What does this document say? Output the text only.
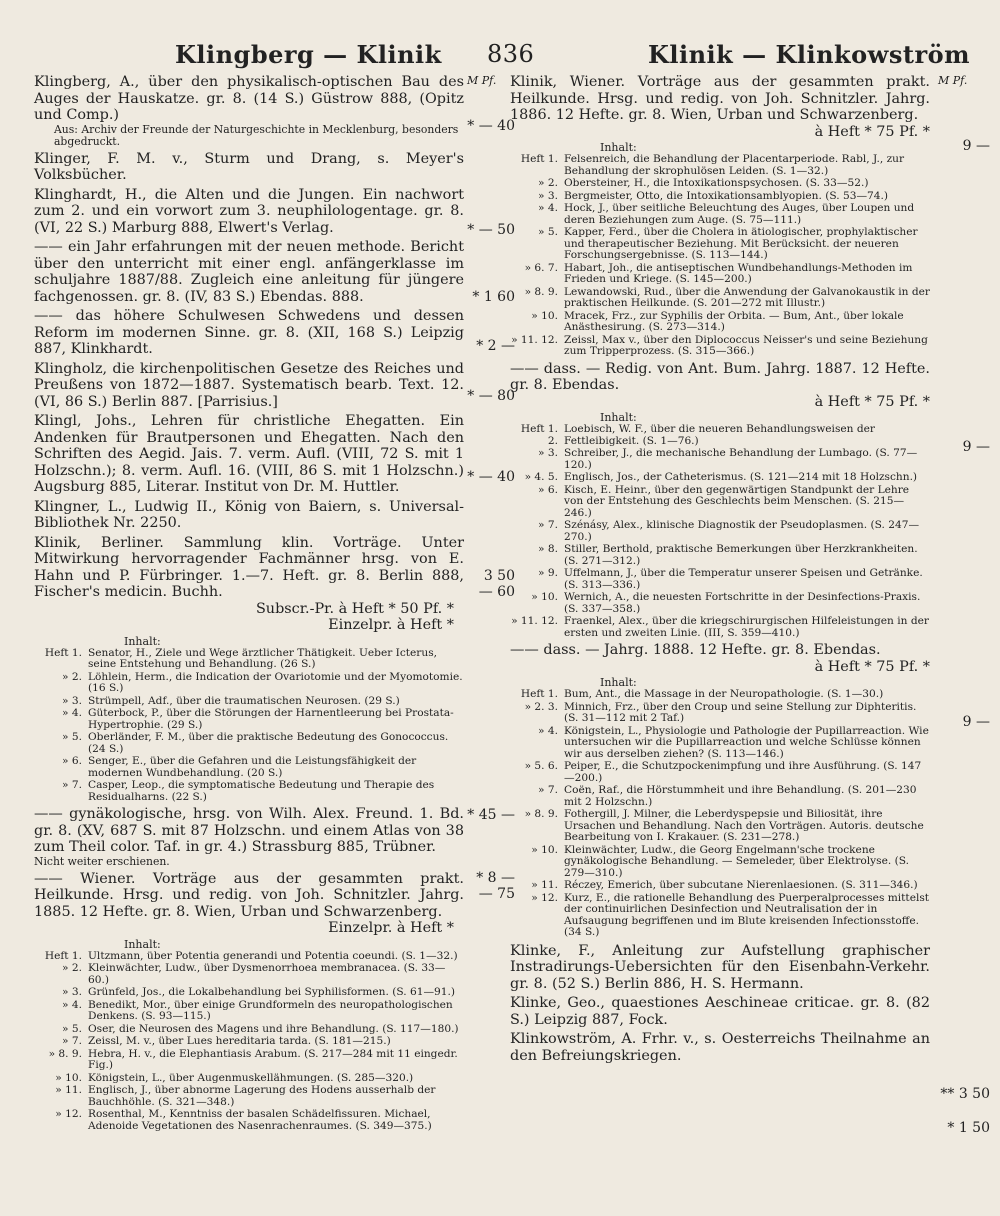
Klingberg — Klinik 836	Klinik — Klinkowström

Klingberg, A., über den physikalisch-optischen Bau des Auges der Hauskatze. gr. 8. (14 S.) Güstrow 888, (Opitz und Comp.)

Aus: Archiv der Freunde der Naturgeschichte in Mecklenburg, besonders abgedruckt.

Klinger, F. M. v., Sturm und Drang, s. Meyer's Volksbücher.

Klinghardt, H., die Alten und die Jungen. Ein nachwort zum 2. und ein vorwort zum 3. neuphilologentage. gr. 8. (VI, 22 S.) Marburg 888, Elwert's Verlag.

—— ein Jahr erfahrungen mit der neuen methode. Bericht über den unterricht mit einer engl. anfängerklasse im schuljahre 1887/88. Zugleich eine anleitung für jüngere fachgenossen. gr. 8. (IV, 83 S.) Ebendas. 888.

—— das höhere Schulwesen Schwedens und dessen Reform im modernen Sinne. gr. 8. (XII, 168 S.) Leipzig 887, Klinkhardt.

Klingholz, die kirchenpolitischen Gesetze des Reiches und Preußens von 1872—1887. Systematisch bearb. Text. 12. (VI, 86 S.) Berlin 887. [Parrisius.]

Klingl, Johs., Lehren für christliche Ehegatten. Ein Andenken für Brautpersonen und Ehegatten. Nach den Schriften des Aegid. Jais. 7. verm. Aufl. (VIII, 72 S. mit 1 Holzschn.); 8. verm. Aufl. 16. (VIII, 86 S. mit 1 Holzschn.) Augsburg 885, Literar. Institut von Dr. M. Huttler.

Klingner, L., Ludwig II., König von Baiern, s. Universal-Bibliothek Nr. 2250.

Klinik, Berliner. Sammlung klin. Vorträge. Unter Mitwirkung hervorragender Fachmänner hrsg. von E. Hahn und P. Fürbringer. 1.—7. Heft. gr. 8. Berlin 888, Fischer's medicin. Buchh.

Subscr.-Pr. à Heft * 50 Pf. *
Einzelpr. à Heft *
Inhalt:
Heft 1. Senator, H., Ziele und Wege ärztlicher Thätigkeit. Ueber Icterus, seine Entstehung und Behandlung. (26 S.)
» 2. Löhlein, Herm., die Indication der Ovariotomie und der Myomotomie. (16 S.)
» 3. Strümpell, Adf., über die traumatischen Neurosen. (29 S.)
» 4. Güterbock, P., über die Störungen der Harnentleerung bei Prostata-Hypertrophie. (29 S.)
» 5. Oberländer, F. M., über die praktische Bedeutung des Gonococcus. (24 S.)
» 6. Senger, E., über die Gefahren und die Leistungsfähigkeit der modernen Wundbehandlung. (20 S.)
» 7. Casper, Leop., die symptomatische Bedeutung und Therapie des Residualharns. (22 S.)

—— gynäkologische, hrsg. von Wilh. Alex. Freund. 1. Bd. gr. 8. (XV, 687 S. mit 87 Holzschn. und einem Atlas von 38 zum Theil color. Taf. in gr. 4.) Strassburg 885, Trübner.

Nicht weiter erschienen.

—— Wiener. Vorträge aus der gesammten prakt. Heilkunde. Hrsg. und redig. von Joh. Schnitzler. Jahrg. 1885. 12 Hefte. gr. 8. Wien, Urban und Schwarzenberg.

Einzelpr. à Heft *
Inhalt:
Heft 1. Ultzmann, über Potentia generandi und Potentia coeundi. (S. 1—32.)
» 2. Kleinwächter, Ludw., über Dysmenorrhoea membranacea. (S. 33—60.)
» 3. Grünfeld, Jos., die Lokalbehandlung bei Syphilisformen. (S. 61—91.)
» 4. Benedikt, Mor., über einige Grundformeln des neuropathologischen Denkens. (S. 93—115.)
» 5. Oser, die Neurosen des Magens und ihre Behandlung. (S. 117—180.)
» 7. Zeissl, M. v., über Lues hereditaria tarda. (S. 181—215.)
» 8. 9. Hebra, H. v., die Elephantiasis Arabum. (S. 217—284 mit 11 eingedr. Fig.)
» 10. Königstein, L., über Augenmuskellähmungen. (S. 285—320.)
» 11. Englisch, J., über abnorme Lagerung des Hodens ausserhalb der Bauchhöhle. (S. 321—348.)
» 12. Rosenthal, M., Kenntniss der basalen Schädelfissuren. Michael, Adenoide Vegetationen des Nasenrachenraumes. (S. 349—375.)
M Pf.
* — 40
* — 50
* 1 60
* 2 —
* — 80
* — 40
3 50
— 60
* 45 —
* 8 —
— 75

Klinik, Wiener. Vorträge aus der gesammten prakt. Heilkunde. Hrsg. und redig. von Joh. Schnitzler. Jahrg. 1886. 12 Hefte. gr. 8. Wien, Urban und Schwarzenberg.

à Heft * 75 Pf. *
Inhalt:
Heft 1. Felsenreich, die Behandlung der Placentarperiode. Rabl, J., zur Behandlung der skrophulösen Leiden. (S. 1—32.)
» 2. Obersteiner, H., die Intoxikationspsychosen. (S. 33—52.)
» 3. Bergmeister, Otto, die Intoxikationsamblyopien. (S. 53—74.)
» 4. Hock, J., über seitliche Beleuchtung des Auges, über Loupen und deren Beziehungen zum Auge. (S. 75—111.)
» 5. Kapper, Ferd., über die Cholera in ätiologischer, prophylaktischer und therapeutischer Beziehung. Mit Berücksicht. der neueren Forschungsergebnisse. (S. 113—144.)
» 6. 7. Habart, Joh., die antiseptischen Wundbehandlungs-Methoden im Frieden und Kriege. (S. 145—200.)
» 8. 9. Lewandowski, Rud., über die Anwendung der Galvanokaustik in der praktischen Heilkunde. (S. 201—272 mit Illustr.)
» 10. Mracek, Frz., zur Syphilis der Orbita. — Bum, Ant., über lokale Anästhesirung. (S. 273—314.)
» 11. 12. Zeissl, Max v., über den Diplococcus Neisser's und seine Beziehung zum Tripperprozess. (S. 315—366.)

—— dass. — Redig. von Ant. Bum. Jahrg. 1887. 12 Hefte. gr. 8. Ebendas.

à Heft * 75 Pf. *
Inhalt:
Heft 1. 2.
Loebisch, W. F., über die neueren Behandlungsweisen der Fettleibigkeit. (S. 1—76.)
» 3. Schreiber, J., die mechanische Behandlung der Lumbago. (S. 77—120.)
» 4. 5. Englisch, Jos., der Catheterismus. (S. 121—214 mit 18 Holzschn.)
» 6. Kisch, E. Heinr., über den gegenwärtigen Standpunkt der Lehre von der Entstehung des Geschlechts beim Menschen. (S. 215—246.)
» 7. Szénásy, Alex., klinische Diagnostik der Pseudoplasmen. (S. 247—270.)
» 8. Stiller, Berthold, praktische Bemerkungen über Herzkrankheiten. (S. 271—312.)
» 9. Uffelmann, J., über die Temperatur unserer Speisen und Getränke. (S. 313—336.)
» 10. Wernich, A., die neuesten Fortschritte in der Desinfections-Praxis. (S. 337—358.)
» 11. 12. Fraenkel, Alex., über die kriegschirurgischen Hilfeleistungen in der ersten und zweiten Linie. (III, S. 359—410.)

—— dass. — Jahrg. 1888. 12 Hefte. gr. 8. Ebendas.

à Heft * 75 Pf. *
Inhalt:
Heft 1. Bum, Ant., die Massage in der Neuropathologie. (S. 1—30.)
» 2. 3. Minnich, Frz., über den Croup und seine Stellung zur Diphteritis. (S. 31—112 mit 2 Taf.)
» 4. Königstein, L., Physiologie und Pathologie der Pupillarreaction. Wie untersuchen wir die Pupillarreaction und welche Schlüsse können wir aus derselben ziehen? (S. 113—146.)
» 5. 6. Peiper, E., die Schutzpockenimpfung und ihre Ausführung. (S. 147—200.)
» 7. Coën, Raf., die Hörstummheit und ihre Behandlung. (S. 201—230 mit 2 Holzschn.)
» 8. 9. Fothergill, J. Milner, die Leberdyspepsie und Biliosität, ihre Ursachen und Behandlung. Nach den Vorträgen. Autoris. deutsche Bearbeitung von I. Krakauer. (S. 231—278.)
» 10. Kleinwächter, Ludw., die Georg Engelmann'sche trockene gynäkologische Behandlung. — Semeleder, über Elektrolyse. (S. 279—310.)
» 11. Réczey, Emerich, über subcutane Nierenlaesionen. (S. 311—346.)
» 12. Kurz, E., die rationelle Behandlung des Puerperalprocesses mittelst der continuirlichen Desinfection und Neutralisation der in Aufsaugung begriffenen und im Blute kreisenden Infectionsstoffe. (34 S.)

Klinke, F., Anleitung zur Aufstellung graphischer Instradirungs-Uebersichten für den Eisenbahn-Verkehr. gr. 8. (52 S.) Berlin 886, H. S. Hermann.

Klinke, Geo., quaestiones Aeschineae criticae. gr. 8. (82 S.) Leipzig 887, Fock.

Klinkowström, A. Frhr. v., s. Oesterreichs Theilnahme an den Befreiungskriegen.

M Pf.
9 —
9 —
9 —
** 3 50
* 1 50
